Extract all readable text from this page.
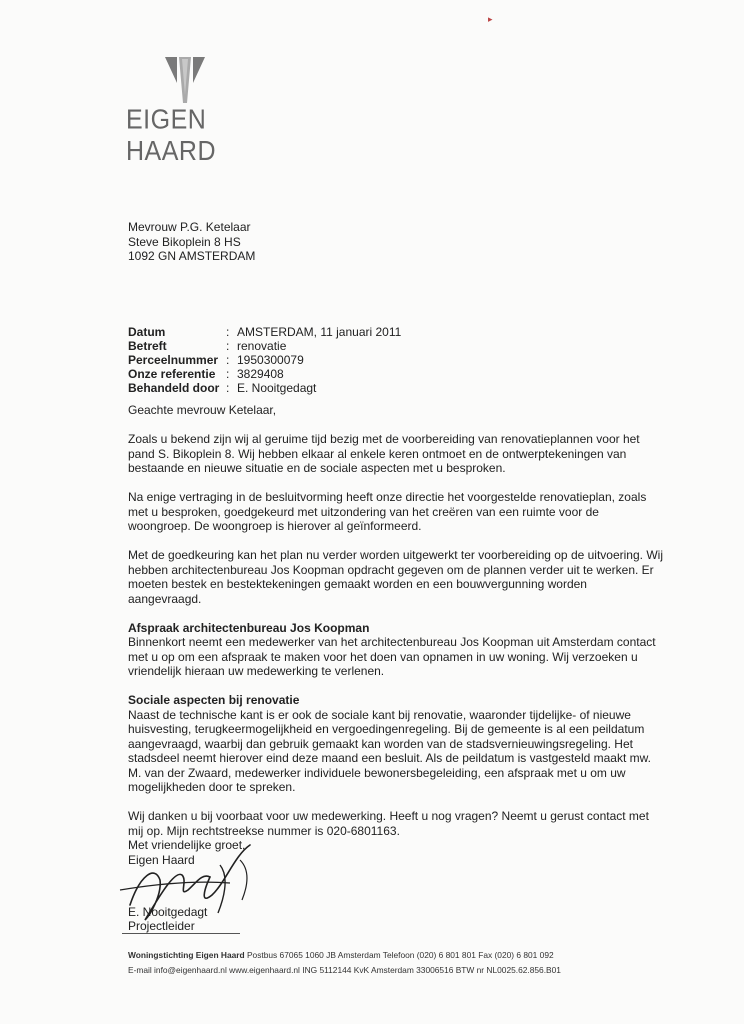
▸
EIGEN HAARD
Mevrouw P.G. Ketelaar
Steve Bikoplein 8 HS
1092 GN AMSTERDAM
Datum	:	AMSTERDAM, 11 januari 2011
Betreft	:	renovatie
Perceelnummer	:	1950300079
Onze referentie	:	3829408
Behandeld door	:	E. Nooitgedagt

Geachte mevrouw Ketelaar,

Zoals u bekend zijn wij al geruime tijd bezig met de voorbereiding van renovatieplannen voor het pand S. Bikoplein 8. Wij hebben elkaar al enkele keren ontmoet en de ontwerptekeningen van bestaande en nieuwe situatie en de sociale aspecten met u besproken.

Na enige vertraging in de besluitvorming heeft onze directie het voorgestelde renovatieplan, zoals met u besproken, goedgekeurd met uitzondering van het creëren van een ruimte voor de woongroep. De woongroep is hierover al geïnformeerd.

Met de goedkeuring kan het plan nu verder worden uitgewerkt ter voorbereiding op de uitvoering. Wij hebben architectenbureau Jos Koopman opdracht gegeven om de plannen verder uit te werken. Er moeten bestek en bestektekeningen gemaakt worden en een bouwvergunning worden aangevraagd.

Afspraak architectenbureau Jos Koopman

Binnenkort neemt een medewerker van het architectenbureau Jos Koopman uit Amsterdam contact met u op om een afspraak te maken voor het doen van opnamen in uw woning. Wij verzoeken u vriendelijk hieraan uw medewerking te verlenen.

Sociale aspecten bij renovatie

Naast de technische kant is er ook de sociale kant bij renovatie, waaronder tijdelijke- of nieuwe huisvesting, terugkeermogelijkheid en vergoedingenregeling. Bij de gemeente is al een peildatum aangevraagd, waarbij dan gebruik gemaakt kan worden van de stadsvernieuwingsregeling. Het stadsdeel neemt hierover eind deze maand een besluit. Als de peildatum is vastgesteld maakt mw. M. van der Zwaard, medewerker individuele bewonersbegeleiding, een afspraak met u om uw mogelijkheden door te spreken.

Wij danken u bij voorbaat voor uw medewerking. Heeft u nog vragen? Neemt u gerust contact met mij op. Mijn rechtstreekse nummer is 020-6801163.

Met vriendelijke groet,
Eigen Haard
E. Nooitgedagt
Projectleider
Woningstichting Eigen Haard Postbus 67065 1060 JB Amsterdam Telefoon (020) 6 801 801 Fax (020) 6 801 092
E-mail info@eigenhaard.nl www.eigenhaard.nl ING 5112144 KvK Amsterdam 33006516 BTW nr NL0025.62.856.B01
